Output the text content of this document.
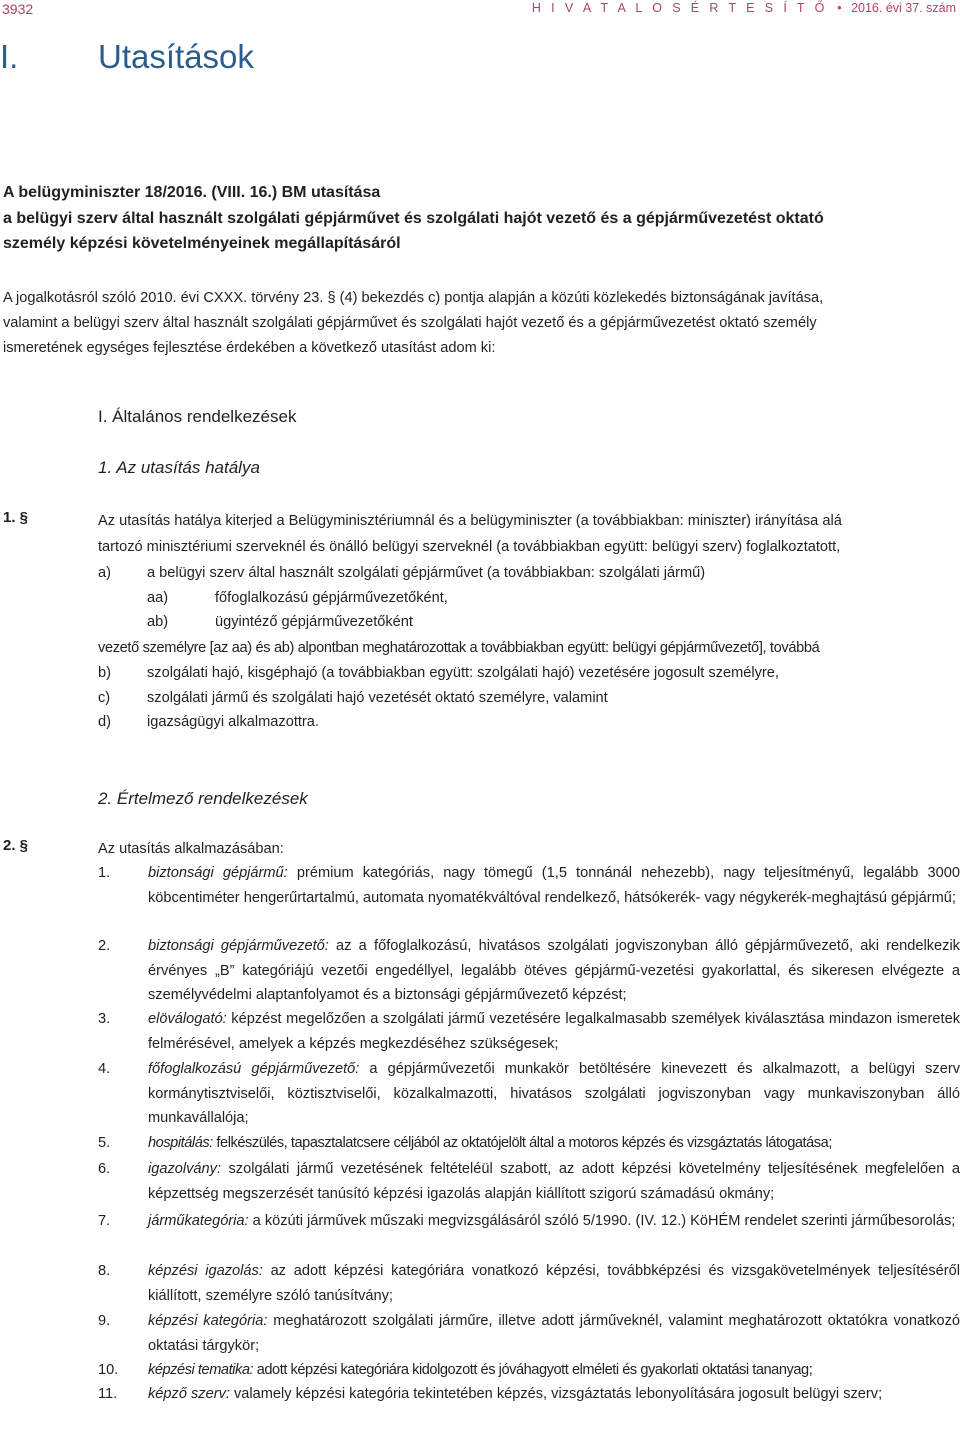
3932	H I V A T A L O S É R T E S Í T Ő • 2016. évi 37. szám
I. Utasítások
A belügyminiszter 18/2016. (VIII. 16.) BM utasítása
a belügyi szerv által használt szolgálati gépjárművet és szolgálati hajót vezető és a gépjárművezetést oktató
személy képzési követelményeinek megállapításáról
A jogalkotásról szóló 2010. évi CXXX. törvény 23. § (4) bekezdés c) pontja alapján a közúti közlekedés biztonságának javítása,
valamint a belügyi szerv által használt szolgálati gépjárművet és szolgálati hajót vezető és a gépjárművezetést oktató személy
ismeretének egységes fejlesztése érdekében a következő utasítást adom ki:
I. Általános rendelkezések
1. Az utasítás hatálya
1. §	Az utasítás hatálya kiterjed a Belügyminisztériumnál és a belügyminiszter (a továbbiakban: miniszter) irányítása alá
tartozó minisztériumi szerveknél és önálló belügyi szerveknél (a továbbiakban együtt: belügyi szerv) foglalkoztatott,
a)	a belügyi szerv által használt szolgálati gépjárművet (a továbbiakban: szolgálati jármű)
aa)	főfoglalkozású gépjárművezetőként,
ab)	ügyintéző gépjárművezetőként
vezető személyre [az aa) és ab) alpontban meghatározottak a továbbiakban együtt: belügyi gépjárművezető], továbbá
b)	szolgálati hajó, kisgéphajó (a továbbiakban együtt: szolgálati hajó) vezetésére jogosult személyre,
c)	szolgálati jármű és szolgálati hajó vezetését oktató személyre, valamint
d)	igazságügyi alkalmazottra.
2. Értelmező rendelkezések
2. §	Az utasítás alkalmazásában:
1.	biztonsági gépjármű: prémium kategóriás, nagy tömegű (1,5 tonnánál nehezebb), nagy teljesítményű, legalább 3000 köbcentiméter hengerűrtartalmú, automata nyomatékváltóval rendelkező, hátsókerék- vagy négykerék-meghajtású gépjármű;
2.	biztonsági gépjárművezető: az a főfoglalkozású, hivatásos szolgálati jogviszonyban álló gépjárművezető, aki rendelkezik érvényes „B” kategóriájú vezetői engedéllyel, legalább ötéves gépjármű-vezetési gyakorlattal, és sikeresen elvégezte a személyvédelmi alaptanfolyamot és a biztonsági gépjárművezető képzést;
3.	elöválogató: képzést megelőzően a szolgálati jármű vezetésére legalkalmasabb személyek kiválasztása mindazon ismeretek felmérésével, amelyek a képzés megkezdéséhez szükségesek;
4.	főfoglalkozású gépjárművezető: a gépjárművezetői munkakör betöltésére kinevezett és alkalmazott, a belügyi szerv kormánytisztviselői, köztisztviselői, közalkalmazotti, hivatásos szolgálati jogviszonyban vagy munkaviszonyban álló munkavállalója;
5.	hospitálás: felkészülés, tapasztalatcsere céljából az oktatójelölt által a motoros képzés és vizsgáztatás látogatása;
6.	igazolvány: szolgálati jármű vezetésének feltételéül szabott, az adott képzési követelmény teljesítésének megfelelően a képzettség megszerzését tanúsító képzési igazolás alapján kiállított szigorú számadású okmány;
7.	járműkategória: a közúti járművek műszaki megvizsgálásáról szóló 5/1990. (IV. 12.) KöHÉM rendelet szerinti járműbesorolás;
8.	képzési igazolás: az adott képzési kategóriára vonatkozó képzési, továbbképzési és vizsgakövetelmények teljesítéséről kiállított, személyre szóló tanúsítvány;
9.	képzési kategória: meghatározott szolgálati járműre, illetve adott járműveknél, valamint meghatározott oktatókra vonatkozó oktatási tárgykör;
10. képzési tematika: adott képzési kategóriára kidolgozott és jóváhagyott elméleti és gyakorlati oktatási tananyag;
11. képző szerv: valamely képzési kategória tekintetében képzés, vizsgáztatás lebonyolítására jogosult belügyi szerv;
